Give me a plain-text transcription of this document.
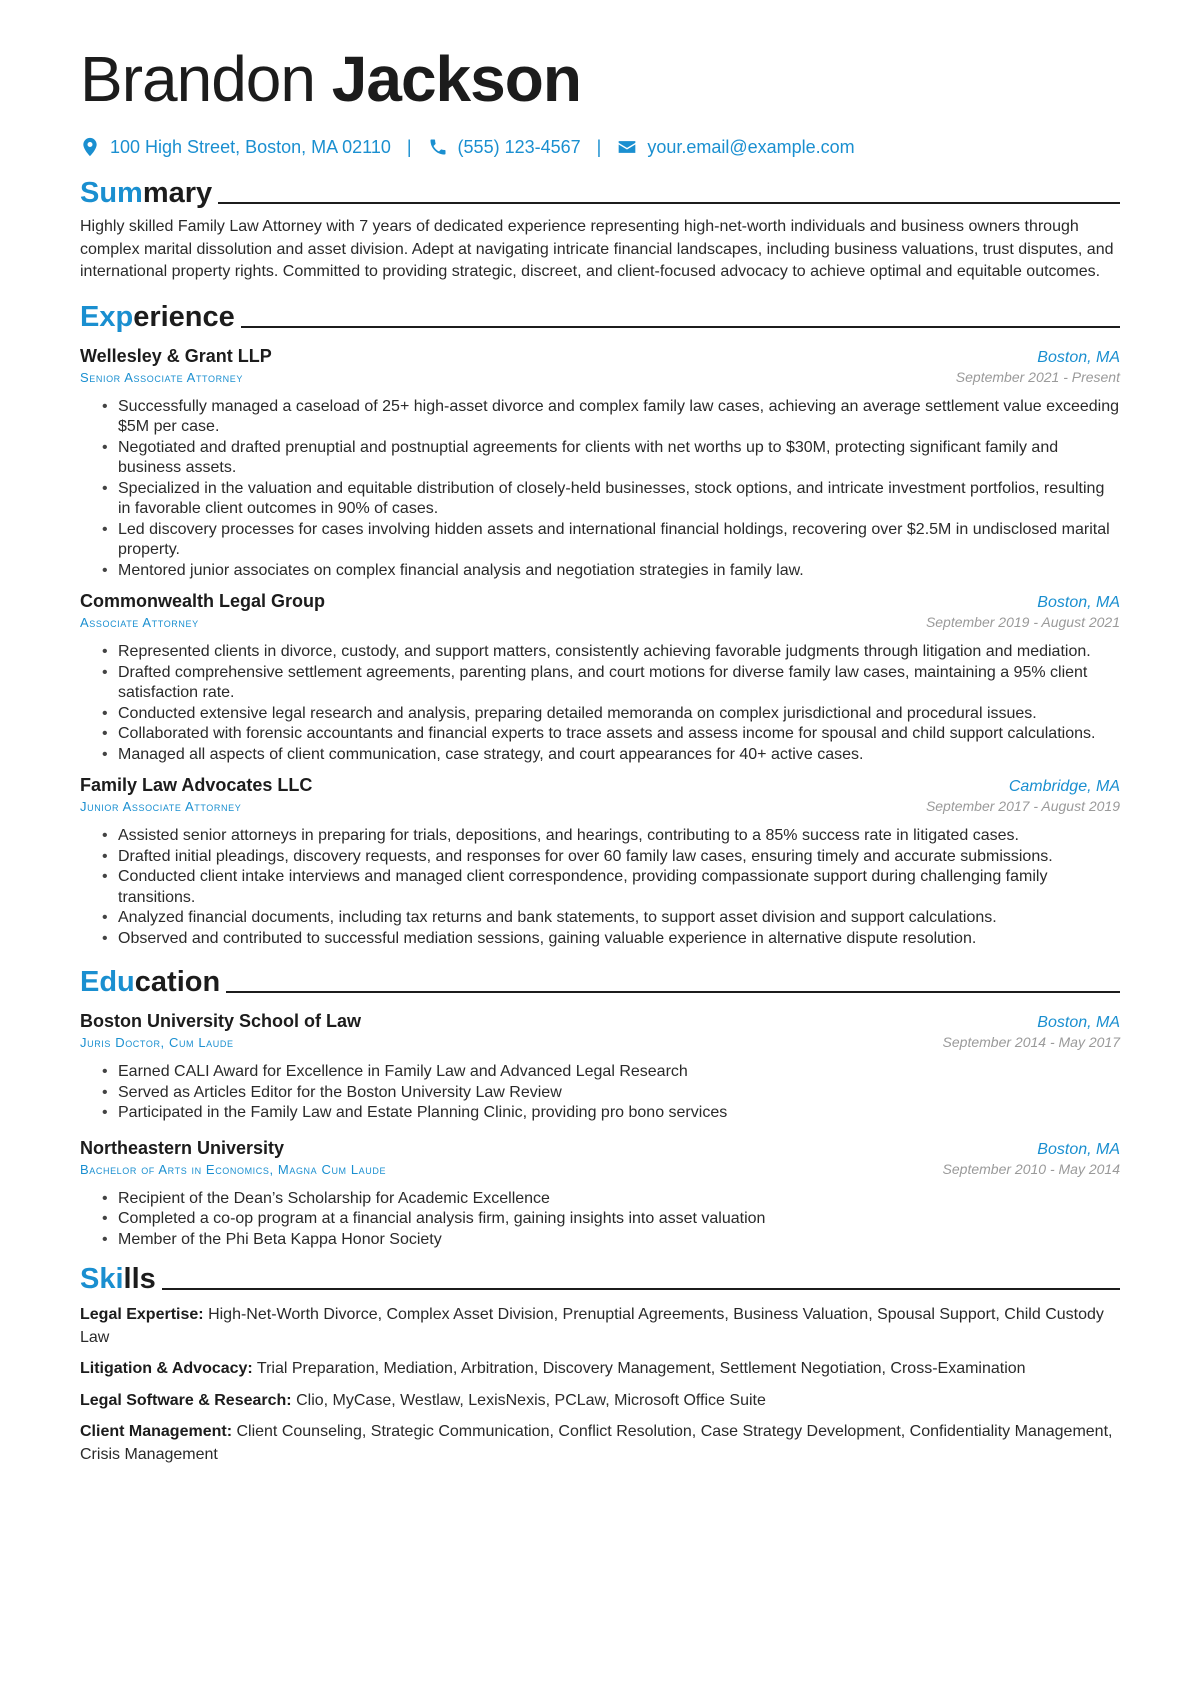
Brandon Jackson
100 High Street, Boston, MA 02110 |	(555) 123-4567 |	your.email@example.com
Summary

Highly skilled Family Law Attorney with 7 years of dedicated experience representing high-net-worth individuals and business owners through complex marital dissolution and asset division. Adept at navigating intricate financial landscapes, including business valuations, trust disputes, and international property rights. Committed to providing strategic, discreet, and client-focused advocacy to achieve optimal and equitable outcomes.

Experience
Wellesley & Grant LLP	Boston, MA
Senior Associate Attorney	September 2021 - Present
• Successfully managed a caseload of 25+ high-asset divorce and complex family law cases, achieving an average settlement value exceeding $5M per case.
• Negotiated and drafted prenuptial and postnuptial agreements for clients with net worths up to $30M, protecting significant family and business assets.
• Specialized in the valuation and equitable distribution of closely-held businesses, stock options, and intricate investment portfolios, resulting in favorable client outcomes in 90% of cases.
• Led discovery processes for cases involving hidden assets and international financial holdings, recovering over $2.5M in undisclosed marital property.
• Mentored junior associates on complex financial analysis and negotiation strategies in family law.
Commonwealth Legal Group	Boston, MA
Associate Attorney	September 2019 - August 2021
• Represented clients in divorce, custody, and support matters, consistently achieving favorable judgments through litigation and mediation.
• Drafted comprehensive settlement agreements, parenting plans, and court motions for diverse family law cases, maintaining a 95% client satisfaction rate.
• Conducted extensive legal research and analysis, preparing detailed memoranda on complex jurisdictional and procedural issues.
• Collaborated with forensic accountants and financial experts to trace assets and assess income for spousal and child support calculations.
• Managed all aspects of client communication, case strategy, and court appearances for 40+ active cases.
Family Law Advocates LLC	Cambridge, MA
Junior Associate Attorney	September 2017 - August 2019
• Assisted senior attorneys in preparing for trials, depositions, and hearings, contributing to a 85% success rate in litigated cases.
• Drafted initial pleadings, discovery requests, and responses for over 60 family law cases, ensuring timely and accurate submissions.
• Conducted client intake interviews and managed client correspondence, providing compassionate support during challenging family transitions.
• Analyzed financial documents, including tax returns and bank statements, to support asset division and support calculations.
• Observed and contributed to successful mediation sessions, gaining valuable experience in alternative dispute resolution.
Education
Boston University School of Law	Boston, MA
Juris Doctor, Cum Laude	September 2014 - May 2017
• Earned CALI Award for Excellence in Family Law and Advanced Legal Research
• Served as Articles Editor for the Boston University Law Review
• Participated in the Family Law and Estate Planning Clinic, providing pro bono services
Northeastern University	Boston, MA
Bachelor of Arts in Economics, Magna Cum Laude	September 2010 - May 2014
• Recipient of the Dean’s Scholarship for Academic Excellence
• Completed a co-op program at a financial analysis firm, gaining insights into asset valuation
• Member of the Phi Beta Kappa Honor Society
Skills
Legal Expertise: High-Net-Worth Divorce, Complex Asset Division, Prenuptial Agreements, Business Valuation, Spousal Support, Child Custody Law
Litigation & Advocacy: Trial Preparation, Mediation, Arbitration, Discovery Management, Settlement Negotiation, Cross-Examination
Legal Software & Research: Clio, MyCase, Westlaw, LexisNexis, PCLaw, Microsoft Office Suite
Client Management: Client Counseling, Strategic Communication, Conflict Resolution, Case Strategy Development, Confidentiality Management, Crisis Management
